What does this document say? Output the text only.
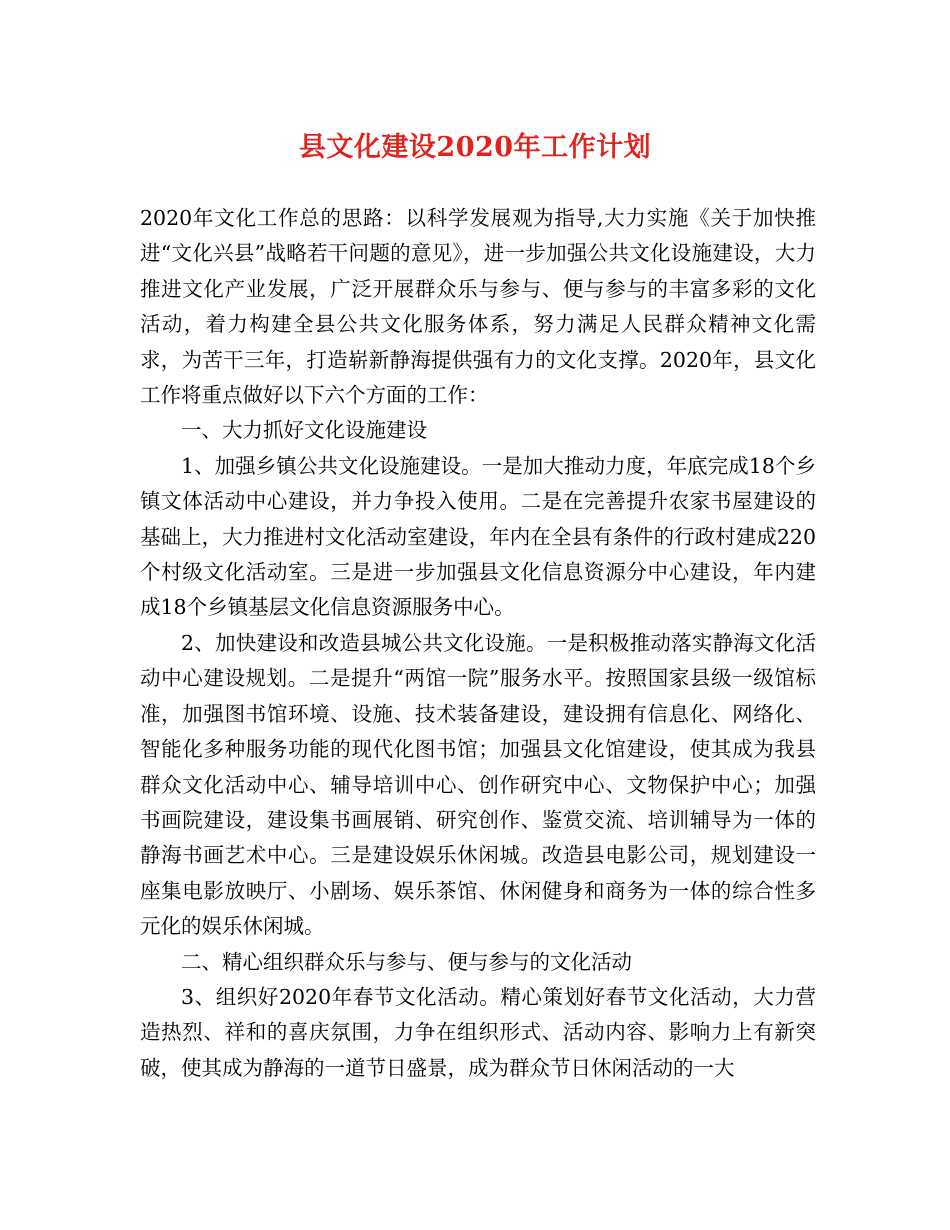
县文化建设2020年工作计划

2020年文化工作总的思路：以科学发展观为指导,大力实施《关于加快推进“文化兴县”战略若干问题的意见》，进一步加强公共文化设施建设，大力推进文化产业发展，广泛开展群众乐与参与、便与参与的丰富多彩的文化活动，着力构建全县公共文化服务体系，努力满足人民群众精神文化需求，为苦干三年，打造崭新静海提供强有力的文化支撑。2020年，县文化工作将重点做好以下六个方面的工作：

一、大力抓好文化设施建设

1、加强乡镇公共文化设施建设。一是加大推动力度，年底完成18个乡镇文体活动中心建设，并力争投入使用。二是在完善提升农家书屋建设的基础上，大力推进村文化活动室建设，年内在全县有条件的行政村建成220个村级文化活动室。三是进一步加强县文化信息资源分中心建设，年内建成18个乡镇基层文化信息资源服务中心。

2、加快建设和改造县城公共文化设施。一是积极推动落实静海文化活动中心建设规划。二是提升“两馆一院”服务水平。按照国家县级一级馆标准，加强图书馆环境、设施、技术装备建设，建设拥有信息化、网络化、智能化多种服务功能的现代化图书馆；加强县文化馆建设，使其成为我县群众文化活动中心、辅导培训中心、创作研究中心、文物保护中心；加强书画院建设，建设集书画展销、研究创作、鉴赏交流、培训辅导为一体的静海书画艺术中心。三是建设娱乐休闲城。改造县电影公司，规划建设一座集电影放映厅、小剧场、娱乐茶馆、休闲健身和商务为一体的综合性多元化的娱乐休闲城。

二、精心组织群众乐与参与、便与参与的文化活动

3、组织好2020年春节文化活动。精心策划好春节文化活动，大力营造热烈、祥和的喜庆氛围，力争在组织形式、活动内容、影响力上有新突破，使其成为静海的一道节日盛景，成为群众节日休闲活动的一大
